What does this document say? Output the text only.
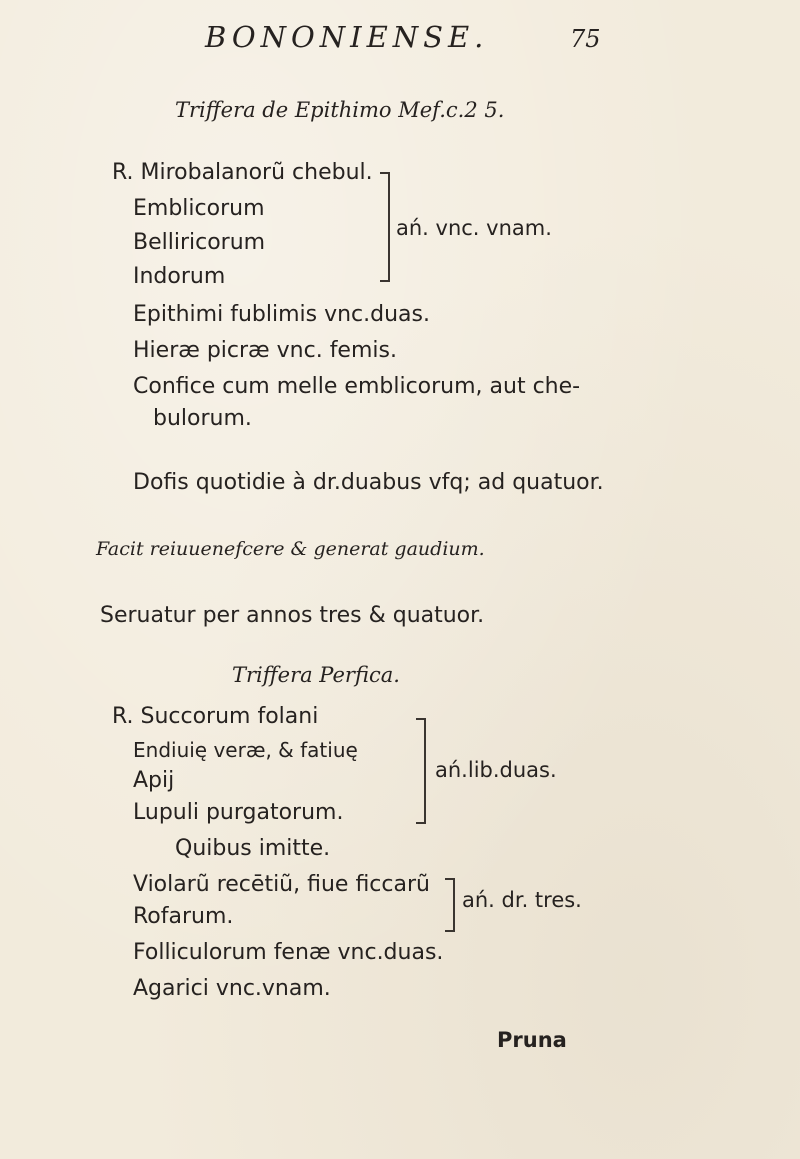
BONONIENSE.	75
Triffera de Epithimo Mef.c.2 5.
R. Mirobalanorũ chebul.
Emblicorum
Belliricorum
Indorum
ań. vnc. vnam.
Epithimi fublimis vnc.duas.
Hieræ picræ vnc. femis.
Confice cum melle emblicorum, aut che-
bulorum.
Dofis quotidie à dr.duabus vfq; ad quatuor.
Facit reiuuenefcere & generat gaudium.
Seruatur per annos tres & quatuor.
Triffera Perfica.
R. Succorum folani
Endiuię veræ, & fatiuę
Apij
Lupuli purgatorum.
ań.lib.duas.
Quibus imitte.
Violarũ recētiũ, fiue ficcarũ
Rofarum.
ań. dr. tres.
Folliculorum fenæ vnc.duas.
Agarici vnc.vnam.
Pruna
